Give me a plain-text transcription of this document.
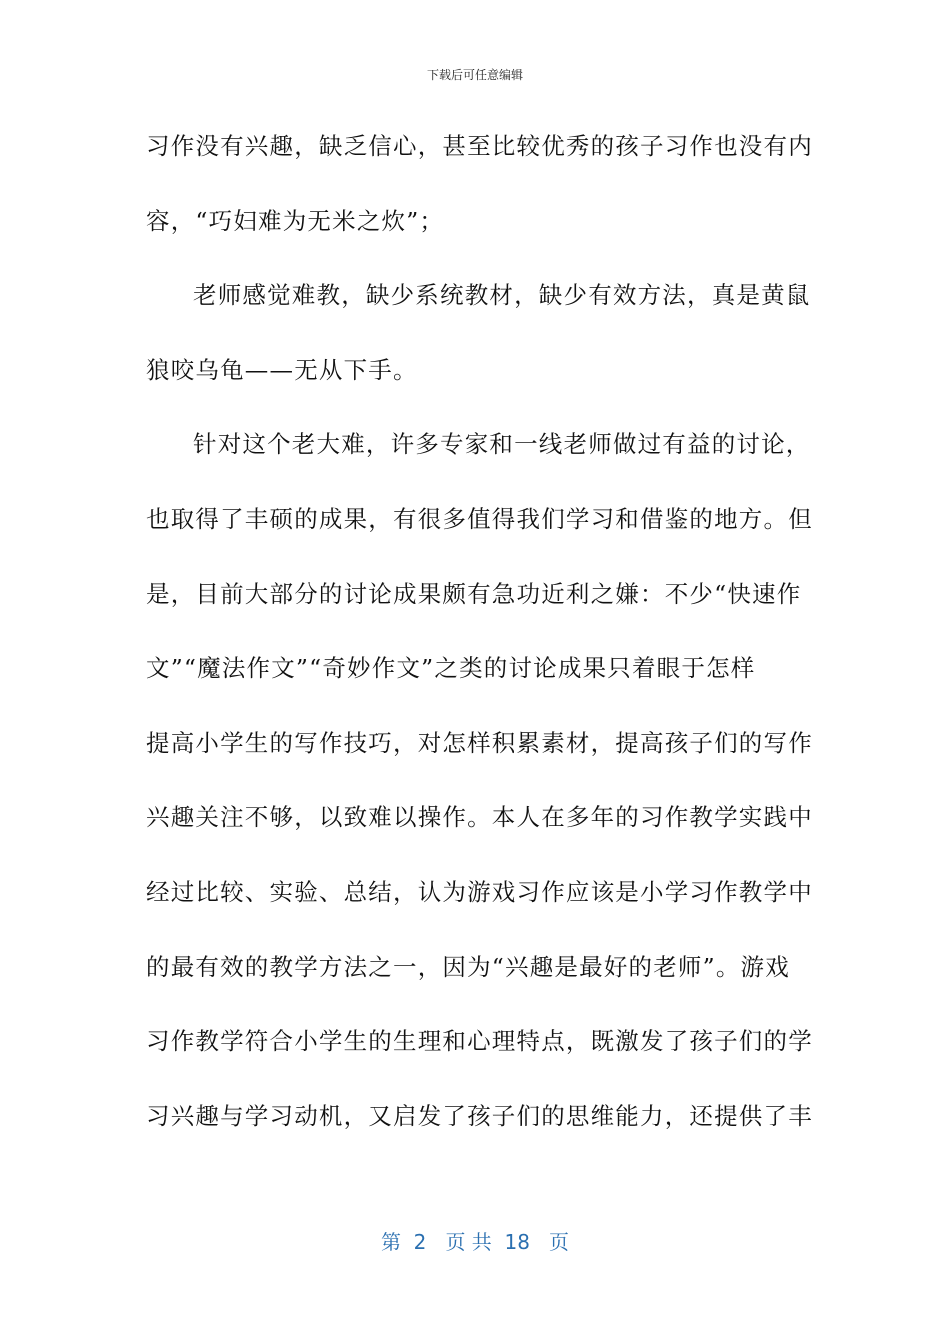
下载后可任意编辑
习作没有兴趣，缺乏信心，甚至比较优秀的孩子习作也没有内
容，“巧妇难为无米之炊”；
老师感觉难教，缺少系统教材，缺少有效方法，真是黄鼠
狼咬乌龟——无从下手。
针对这个老大难，许多专家和一线老师做过有益的讨论，
也取得了丰硕的成果，有很多值得我们学习和借鉴的地方。但
是，目前大部分的讨论成果颇有急功近利之嫌：不少“快速作
文”“魔法作文”“奇妙作文”之类的讨论成果只着眼于怎样
提高小学生的写作技巧，对怎样积累素材，提高孩子们的写作
兴趣关注不够，以致难以操作。本人在多年的习作教学实践中
经过比较、实验、总结，认为游戏习作应该是小学习作教学中
的最有效的教学方法之一，因为“兴趣是最好的老师”。游戏
习作教学符合小学生的生理和心理特点，既激发了孩子们的学
习兴趣与学习动机，又启发了孩子们的思维能力，还提供了丰
第  2   页 共  18   页
